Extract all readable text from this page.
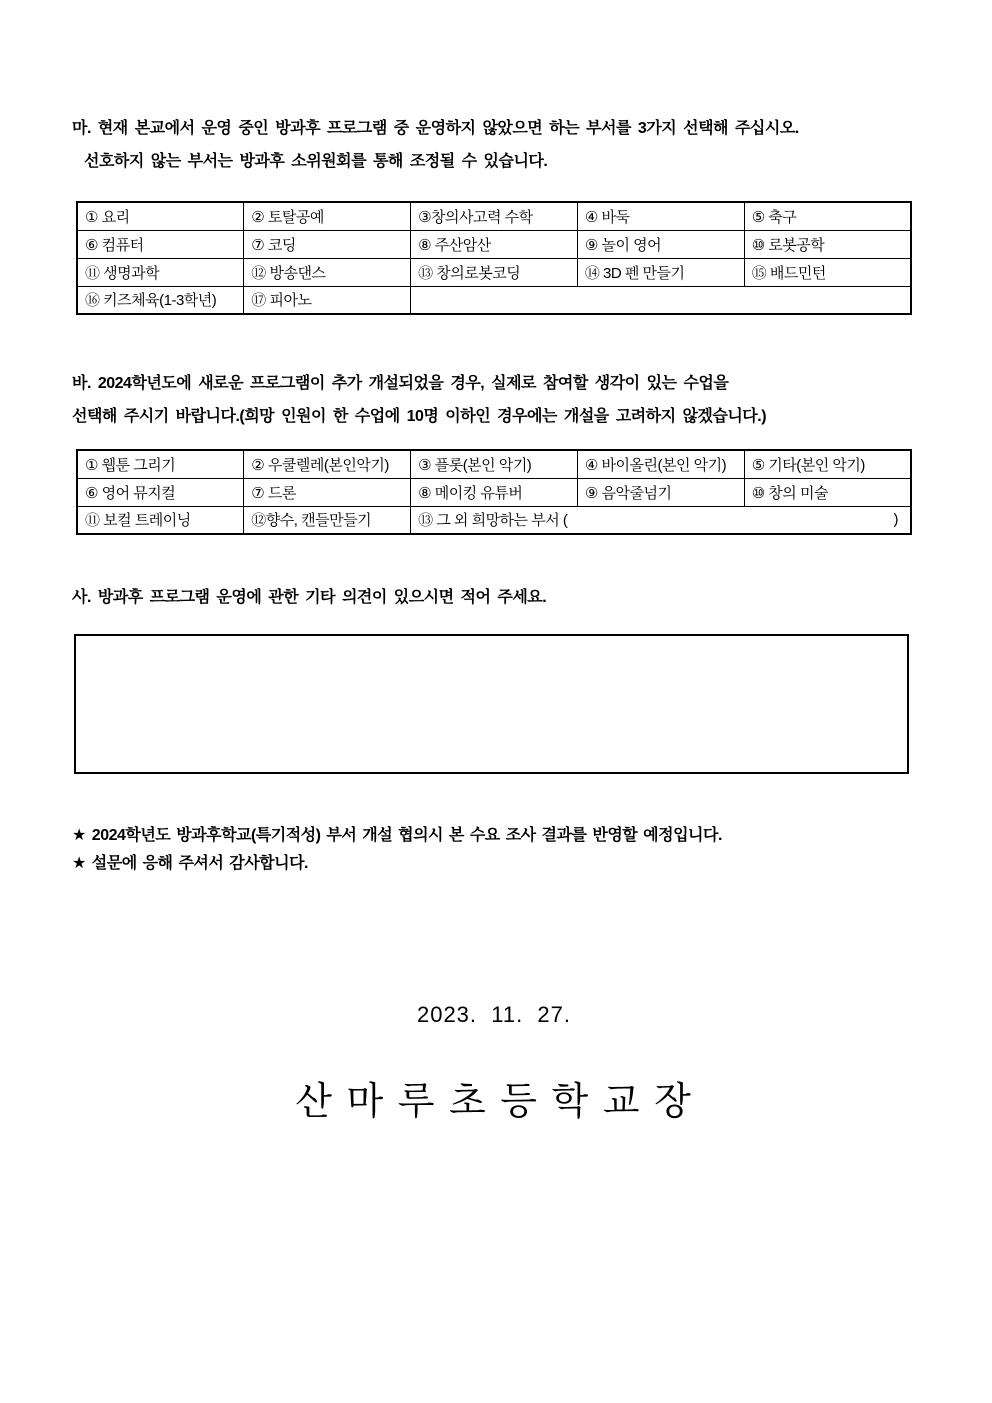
마. 현재 본교에서 운영 중인 방과후 프로그램 중 운영하지 않았으면 하는 부서를 3가지 선택해 주십시오.
선호하지 않는 부서는 방과후 소위원회를 통해 조정될 수 있습니다.
① 요리	② 토탈공예	③창의사고력 수학	④ 바둑	⑤ 축구
⑥ 컴퓨터	⑦ 코딩	⑧ 주산암산	⑨ 놀이 영어	⑩ 로봇공학
⑪ 생명과학	⑫ 방송댄스	⑬ 창의로봇코딩	⑭ 3D 펜 만들기	⑮ 배드민턴
⑯ 키즈체육(1-3학년)	⑰ 피아노			
바. 2024학년도에 새로운 프로그램이 추가 개설되었을 경우, 실제로 참여할 생각이 있는 수업을
선택해 주시기 바랍니다.(희망 인원이 한 수업에 10명 이하인 경우에는 개설을 고려하지 않겠습니다.)
① 웹툰 그리기	② 우쿨렐레(본인악기)	③ 플롯(본인 악기)	④ 바이올린(본인 악기)	⑤ 기타(본인 악기)
⑥ 영어 뮤지컬	⑦ 드론	⑧ 메이킹 유튜버	⑨ 음악줄넘기	⑩ 창의 미술
⑪ 보컬 트레이닝	⑫향수, 캔들만들기	⑬ 그 외 희망하는 부서 ( )		
사. 방과후 프로그램 운영에 관한 기타 의견이 있으시면 적어 주세요.
★ 2024학년도 방과후학교(특기적성) 부서 개설 협의시 본 수요 조사 결과를 반영할 예정입니다.
★ 설문에 응해 주셔서 감사합니다.
2023.  11.  27.
산 마 루 초 등 학 교 장
